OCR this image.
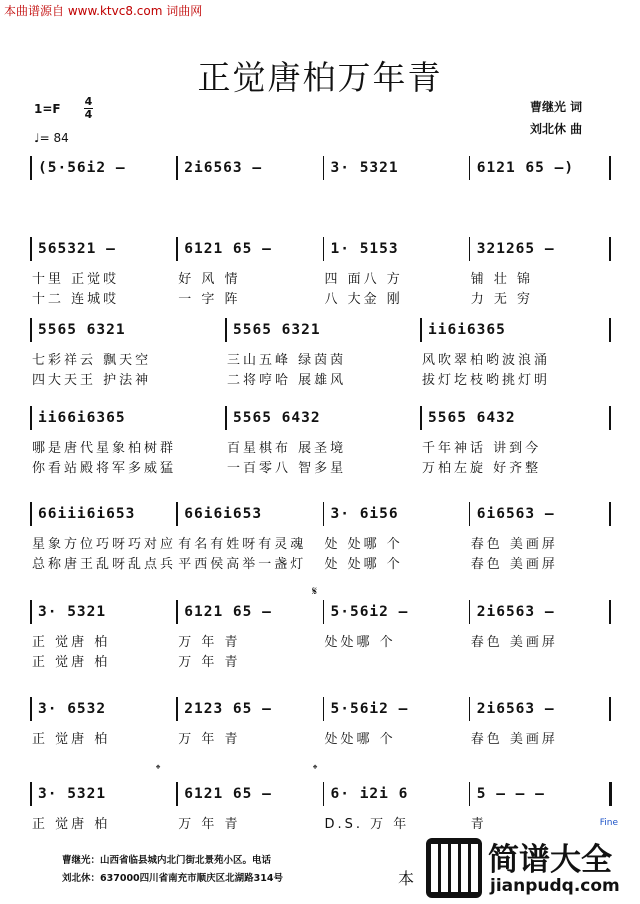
本曲谱源自 www.ktvc8.com 词曲网
正觉唐柏万年青
1=F
4
4
♩= 84
曹继光 词
刘北休 曲
(5·56i2 –	2i6563 –	3· 5321	6121 65 –)
565321 –	6121 65 –	1· 5153	321265 –
十里 正觉哎	好 风 情	四 面八 方	铺 壮 锦
十二 连城哎	一 字 阵	八 大金 刚	力 无 穷
5565 6321	5565 6321	ii6i6365
七彩祥云 飘天空	三山五峰 绿茵茵	风吹翠柏哟波浪涌
四大天王 护法神	二将哼哈 展雄风	拔灯圪枝哟挑灯明
ii66i6365	5565 6432	5565 6432
哪是唐代星象柏树群	百星棋布 展圣境	千年神话 讲到今
你看站殿将军多威猛	一百零八 智多星	万柏左旋 好齐整
66iii6i653	66i6i653	3· 6i56	6i6563 –
星象方位巧呀巧对应 有名有姓呀有灵魂	处 处哪 个	春色 美画屏
总称唐王乱呀乱点兵 平西侯高举一盏灯	处 处哪 个	春色 美画屏
3· 5321	6121 65 –	5·56i2 –	2i6563 –
正 觉唐 柏	万 年 青	处处哪 个	春色 美画屏
正 觉唐 柏	万 年 青
3· 6532	2123 65 –	5·56i2 –	2i6563 –
正 觉唐 柏	万 年 青	处处哪 个	春色 美画屏
3· 5321	6121 65 –	6· i2i 6	5 – – –
正 觉唐 柏	万 年 青	D.S. 万 年	青
𝄋
𝄌	𝄌
Fine
曹继光：山西省临县城内北门街北景苑小区。电话
刘北休：637000四川省南充市顺庆区北湖路314号	本
简谱大全
jianpudq.com
